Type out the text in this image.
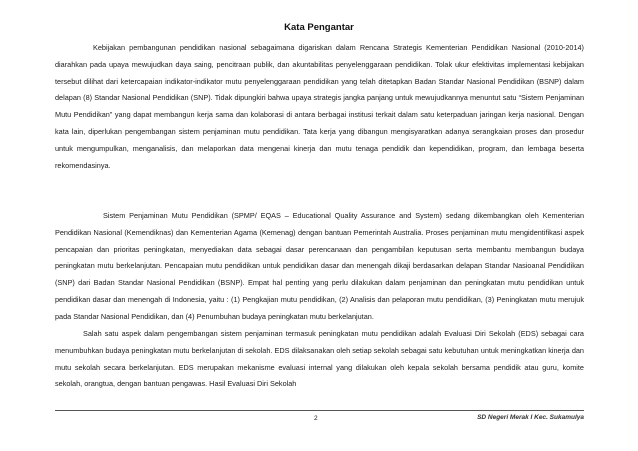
Kata Pengantar

Kebijakan pembangunan pendidikan nasional sebagaimana digariskan dalam Rencana Strategis Kementerian Pendidikan Nasional (2010-2014) diarahkan pada upaya mewujudkan daya saing, pencitraan publik, dan akuntabilitas penyelenggaraan pendidikan. Tolak ukur efektivitas implementasi kebijakan tersebut dilihat dari ketercapaian indikator-indikator mutu penyelenggaraan pendidikan yang telah ditetapkan Badan Standar Nasional Pendidikan (BSNP) dalam delapan (8) Standar Nasional Pendidikan (SNP). Tidak dipungkiri bahwa upaya strategis jangka panjang untuk mewujudkannya menuntut satu “Sistem Penjaminan Mutu Pendidikan” yang dapat membangun kerja sama dan kolaborasi di antara berbagai institusi terkait dalam satu keterpaduan jaringan kerja nasional. Dengan kata lain, diperlukan pengembangan sistem penjaminan mutu pendidikan. Tata kerja yang dibangun mengisyaratkan adanya serangkaian proses dan prosedur untuk mengumpulkan, menganalisis, dan melaporkan data mengenai kinerja dan mutu tenaga pendidik dan kependidikan, program, dan lembaga beserta rekomendasinya.

Sistem Penjaminan Mutu Pendidikan (SPMP/ EQAS – Educational Quality Assurance and System) sedang dikembangkan oleh Kementerian Pendidikan Nasional (Kemendiknas) dan Kementerian Agama (Kemenag) dengan bantuan Pemerintah Australia. Proses penjaminan mutu mengidentifikasi aspek pencapaian dan prioritas peningkatan, menyediakan data sebagai dasar perencanaan dan pengambilan keputusan serta membantu membangun budaya peningkatan mutu berkelanjutan. Pencapaian mutu pendidikan untuk pendidikan dasar dan menengah dikaji berdasarkan delapan Standar Nasioanal Pendidikan (SNP) dari Badan Standar Nasional Pendidikan (BSNP). Empat hal penting yang perlu dilakukan dalam penjaminan dan peningkatan mutu pendidikan untuk pendidikan dasar dan menengah di Indonesia, yaitu : (1) Pengkajian mutu pendidikan, (2) Analisis dan pelaporan mutu pendidikan, (3) Peningkatan mutu merujuk pada Standar Nasional Pendidikan, dan (4) Penumbuhan budaya peningkatan mutu berkelanjutan.

Salah satu aspek dalam pengembangan sistem penjaminan termasuk peningkatan mutu pendidikan adalah Evaluasi Diri Sekolah (EDS) sebagai cara menumbuhkan budaya peningkatan mutu berkelanjutan di sekolah. EDS dilaksanakan oleh setiap sekolah sebagai satu kebutuhan untuk meningkatkan kinerja dan mutu sekolah secara berkelanjutan. EDS merupakan mekanisme evaluasi internal yang dilakukan oleh kepala sekolah bersama pendidik atau guru, komite sekolah, orangtua, dengan bantuan pengawas. Hasil Evaluasi Diri Sekolah

2	SD Negeri Merak I Kec. Sukamulya
